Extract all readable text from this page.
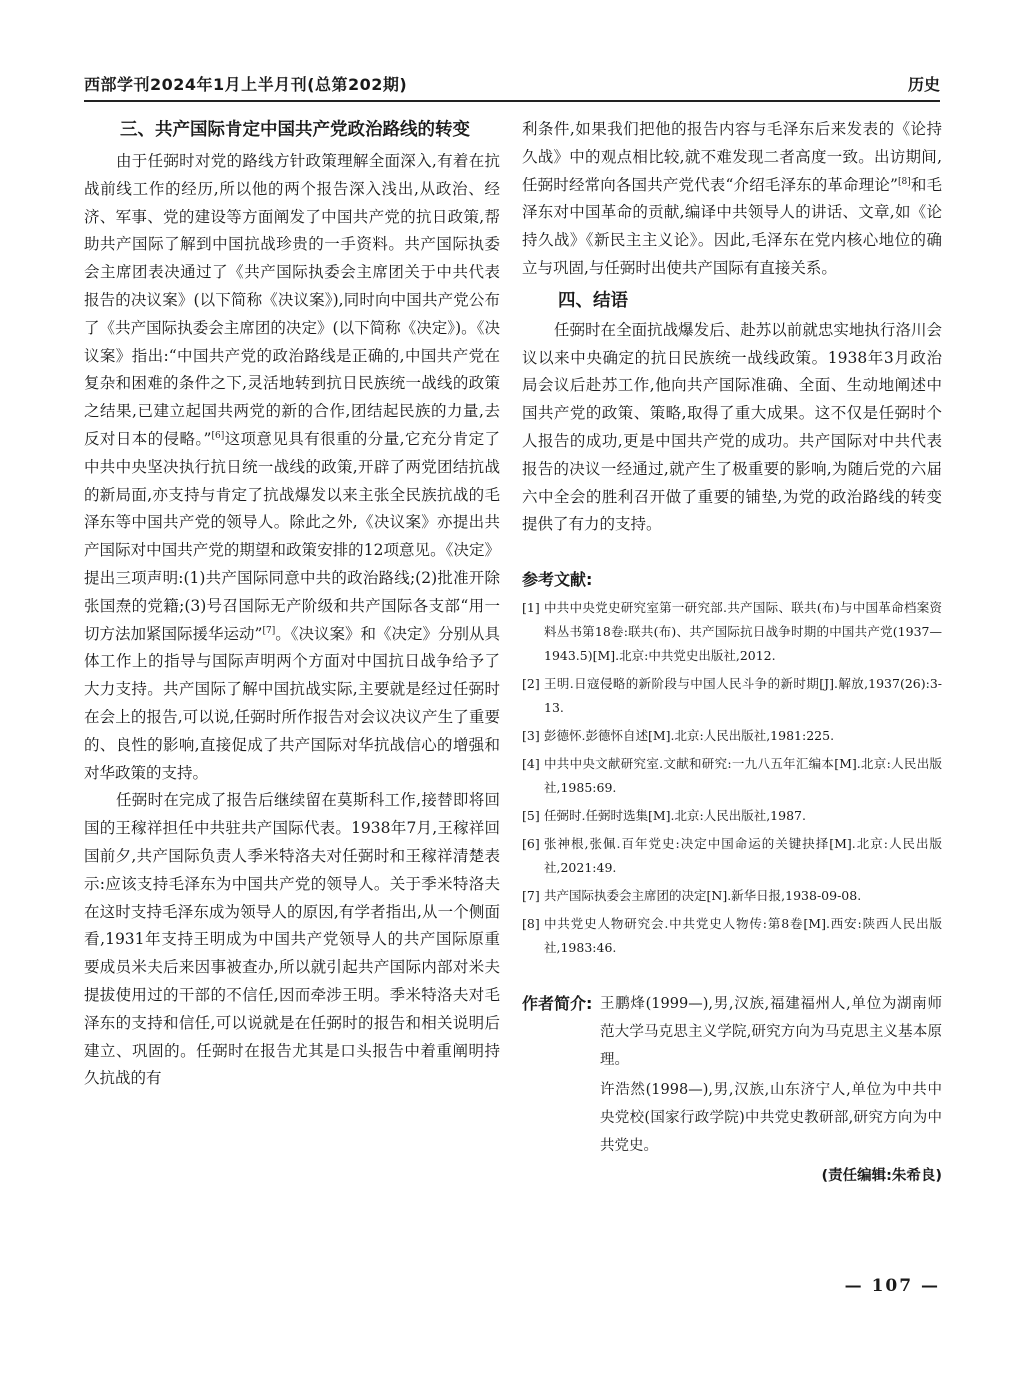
西部学刊2024年1月上半月刊(总第202期)	历史
三、共产国际肯定中国共产党政治路线的转变

由于任弼时对党的路线方针政策理解全面深入,有着在抗战前线工作的经历,所以他的两个报告深入浅出,从政治、经济、军事、党的建设等方面阐发了中国共产党的抗日政策,帮助共产国际了解到中国抗战珍贵的一手资料。共产国际执委会主席团表决通过了《共产国际执委会主席团关于中共代表报告的决议案》(以下简称《决议案》),同时向中国共产党公布了《共产国际执委会主席团的决定》(以下简称《决定》)。《决议案》指出:“中国共产党的政治路线是正确的,中国共产党在复杂和困难的条件之下,灵活地转到抗日民族统一战线的政策之结果,已建立起国共两党的新的合作,团结起民族的力量,去反对日本的侵略。”[6]这项意见具有很重的分量,它充分肯定了中共中央坚决执行抗日统一战线的政策,开辟了两党团结抗战的新局面,亦支持与肯定了抗战爆发以来主张全民族抗战的毛泽东等中国共产党的领导人。除此之外,《决议案》亦提出共产国际对中国共产党的期望和政策安排的12项意见。《决定》提出三项声明:(1)共产国际同意中共的政治路线;(2)批准开除张国焘的党籍;(3)号召国际无产阶级和共产国际各支部“用一切方法加紧国际援华运动”[7]。《决议案》和《决定》分别从具体工作上的指导与国际声明两个方面对中国抗日战争给予了大力支持。共产国际了解中国抗战实际,主要就是经过任弼时在会上的报告,可以说,任弼时所作报告对会议决议产生了重要的、良性的影响,直接促成了共产国际对华抗战信心的增强和对华政策的支持。

任弼时在完成了报告后继续留在莫斯科工作,接替即将回国的王稼祥担任中共驻共产国际代表。1938年7月,王稼祥回国前夕,共产国际负责人季米特洛夫对任弼时和王稼祥清楚表示:应该支持毛泽东为中国共产党的领导人。关于季米特洛夫在这时支持毛泽东成为领导人的原因,有学者指出,从一个侧面看,1931年支持王明成为中国共产党领导人的共产国际原重要成员米夫后来因事被查办,所以就引起共产国际内部对米夫提拔使用过的干部的不信任,因而牵涉王明。季米特洛夫对毛泽东的支持和信任,可以说就是在任弼时的报告和相关说明后建立、巩固的。任弼时在报告尤其是口头报告中着重阐明持久抗战的有

利条件,如果我们把他的报告内容与毛泽东后来发表的《论持久战》中的观点相比较,就不难发现二者高度一致。出访期间,任弼时经常向各国共产党代表“介绍毛泽东的革命理论”[8]和毛泽东对中国革命的贡献,编译中共领导人的讲话、文章,如《论持久战》《新民主主义论》。因此,毛泽东在党内核心地位的确立与巩固,与任弼时出使共产国际有直接关系。

四、结语

任弼时在全面抗战爆发后、赴苏以前就忠实地执行洛川会议以来中央确定的抗日民族统一战线政策。1938年3月政治局会议后赴苏工作,他向共产国际准确、全面、生动地阐述中国共产党的政策、策略,取得了重大成果。这不仅是任弼时个人报告的成功,更是中国共产党的成功。共产国际对中共代表报告的决议一经通过,就产生了极重要的影响,为随后党的六届六中全会的胜利召开做了重要的铺垫,为党的政治路线的转变提供了有力的支持。

参考文献:
[1] 中共中央党史研究室第一研究部.共产国际、联共(布)与中国革命档案资料丛书第18卷:联共(布)、共产国际抗日战争时期的中国共产党(1937—1943.5)[M].北京:中共党史出版社,2012.
[2] 王明.日寇侵略的新阶段与中国人民斗争的新时期[J].解放,1937(26):3-13.
[3] 彭德怀.彭德怀自述[M].北京:人民出版社,1981:225.
[4] 中共中央文献研究室.文献和研究:一九八五年汇编本[M].北京:人民出版社,1985:69.
[5] 任弼时.任弼时选集[M].北京:人民出版社,1987.
[6] 张神根,张佩.百年党史:决定中国命运的关键抉择[M].北京:人民出版社,2021:49.
[7] 共产国际执委会主席团的决定[N].新华日报,1938-09-08.
[8] 中共党史人物研究会.中共党史人物传:第8卷[M].西安:陕西人民出版社,1983:46.
作者简介: 王鹏烽(1999—),男,汉族,福建福州人,单位为湖南师范大学马克思主义学院,研究方向为马克思主义基本原理。
许浩然(1998—),男,汉族,山东济宁人,单位为中共中央党校(国家行政学院)中共党史教研部,研究方向为中共党史。
(责任编辑:朱希良)
— 107 —
